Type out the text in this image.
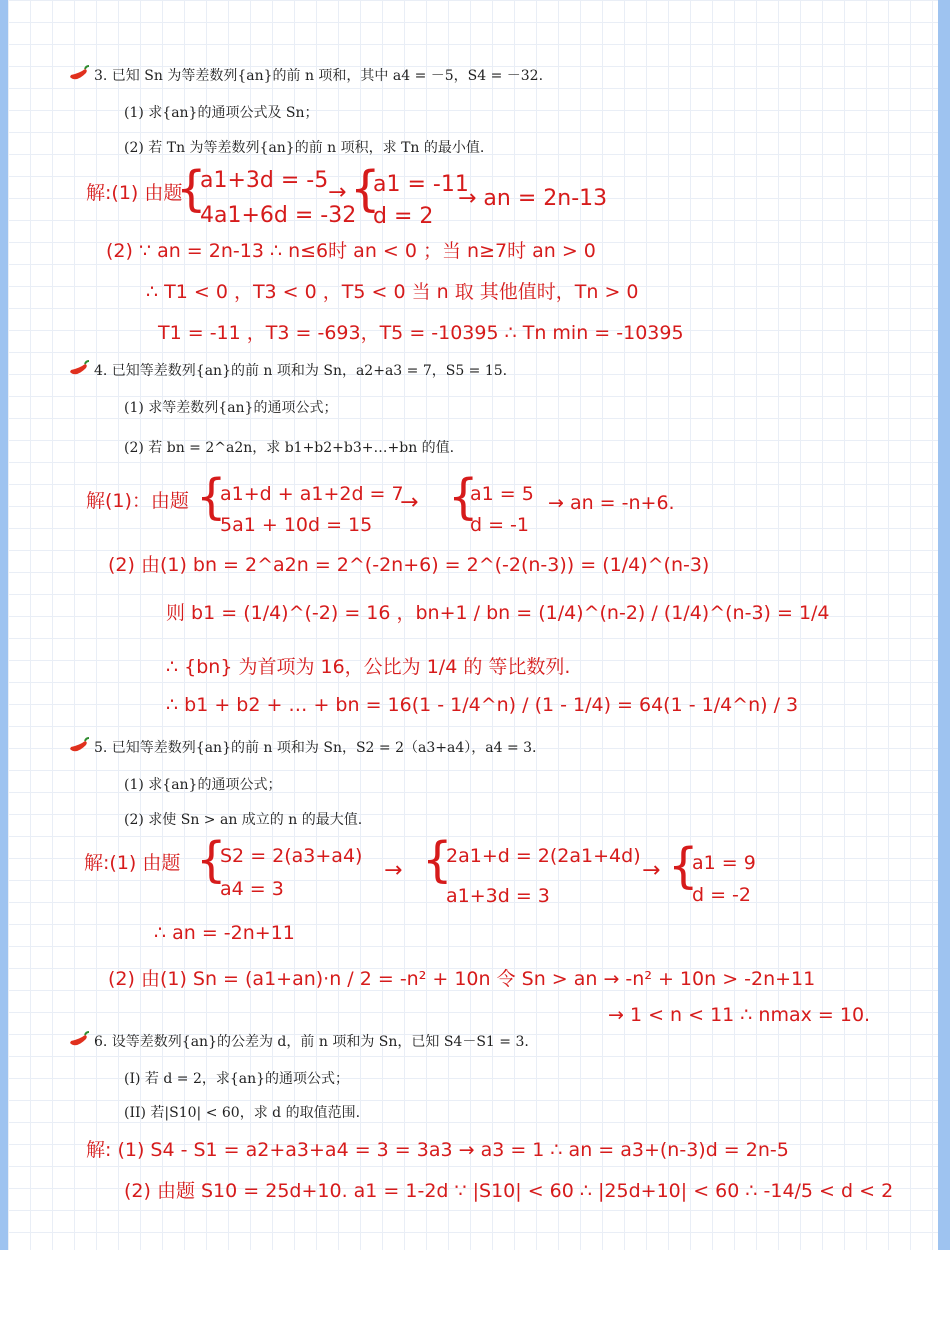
3. 已知 Sn 为等差数列{an}的前 n 项和，其中 a4 = －5，S4 = －32.
(1) 求{an}的通项公式及 Sn；
(2) 若 Tn 为等差数列{an}的前 n 项积，求 Tn 的最小值.
解:(1) 由题
{
a1+3d = -5
4a1+6d = -32
→ {
a1 = -11
d = 2
→ an = 2n-13
(2) ∵ an = 2n-13 ∴ n≤6时 an < 0 ；当 n≥7时 an > 0
∴ T1 < 0 ，T3 < 0 ，T5 < 0 当 n 取 其他值时，Tn > 0
T1 = -11 ，T3 = -693，T5 = -10395 ∴ Tn min = -10395
4. 已知等差数列{an}的前 n 项和为 Sn，a2+a3 = 7，S5 = 15.
(1) 求等差数列{an}的通项公式；
(2) 若 bn = 2^a2n，求 b1+b2+b3+…+bn 的值.
解(1)：由题 {
a1+d + a1+2d = 7
5a1 + 10d = 15
→ {
a1 = 5
d = -1
→ an = -n+6.
(2) 由(1) bn = 2^a2n = 2^(-2n+6) = 2^(-2(n-3)) = (1/4)^(n-3)
则 b1 = (1/4)^(-2) = 16 ，bn+1 / bn = (1/4)^(n-2) / (1/4)^(n-3) = 1/4
∴ {bn} 为首项为 16，公比为 1/4 的 等比数列.
∴ b1 + b2 + … + bn = 16(1 - 1/4^n) / (1 - 1/4) = 64(1 - 1/4^n) / 3
5. 已知等差数列{an}的前 n 项和为 Sn，S2 = 2（a3+a4），a4 = 3.
(1) 求{an}的通项公式；
(2) 求使 Sn > an 成立的 n 的最大值.
解:(1) 由题 {
S2 = 2(a3+a4)
a4 = 3
→ {
2a1+d = 2(2a1+4d)
a1+3d = 3
→ {
a1 = 9
d = -2
∴ an = -2n+11
(2) 由(1) Sn = (a1+an)·n / 2 = -n² + 10n 令 Sn > an → -n² + 10n > -2n+11
→ 1 < n < 11 ∴ nmax = 10.
6. 设等差数列{an}的公差为 d，前 n 项和为 Sn，已知 S4－S1 = 3.
(I) 若 d = 2，求{an}的通项公式；
(II) 若|S10| < 60，求 d 的取值范围.
解: (1) S4 - S1 = a2+a3+a4 = 3 = 3a3 → a3 = 1 ∴ an = a3+(n-3)d = 2n-5
(2) 由题 S10 = 25d+10. a1 = 1-2d ∵ |S10| < 60 ∴ |25d+10| < 60 ∴ -14/5 < d < 2
